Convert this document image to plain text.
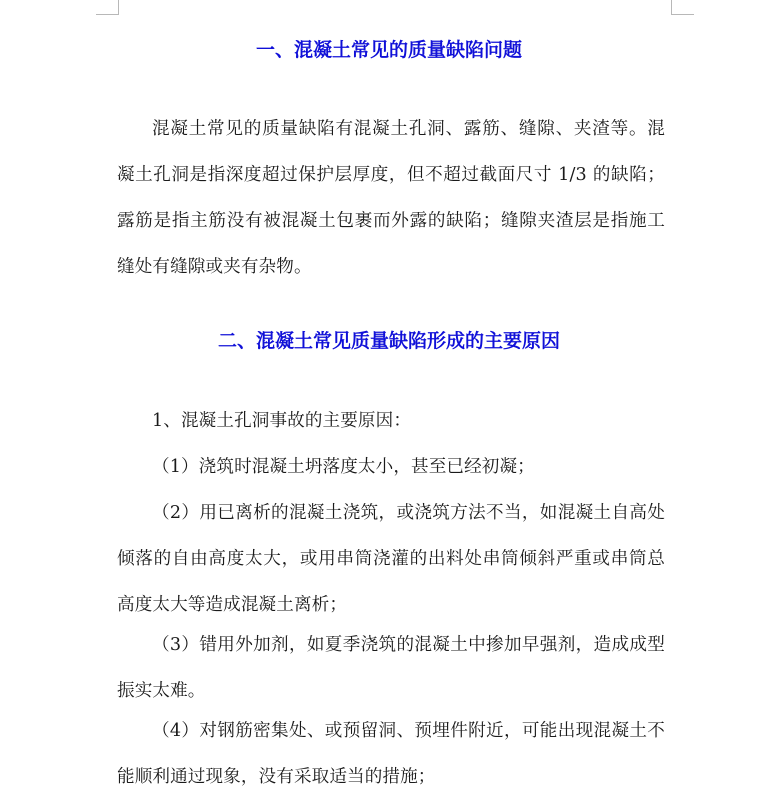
一、混凝土常见的质量缺陷问题
混凝土常见的质量缺陷有混凝土孔洞、露筋、缝隙、夹渣等。混凝土孔洞是指深度超过保护层厚度，但不超过截面尺寸 1/3 的缺陷；露筋是指主筋没有被混凝土包裹而外露的缺陷；缝隙夹渣层是指施工缝处有缝隙或夹有杂物。
二、混凝土常见质量缺陷形成的主要原因
1、混凝土孔洞事故的主要原因：
（1）浇筑时混凝土坍落度太小，甚至已经初凝；
（2）用已离析的混凝土浇筑，或浇筑方法不当，如混凝土自高处倾落的自由高度太大，或用串筒浇灌的出料处串筒倾斜严重或串筒总高度太大等造成混凝土离析；
（3）错用外加剂，如夏季浇筑的混凝土中掺加早强剂，造成成型振实太难。
（4）对钢筋密集处、或预留洞、预埋件附近，可能出现混凝土不能顺利通过现象，没有采取适当的措施；
